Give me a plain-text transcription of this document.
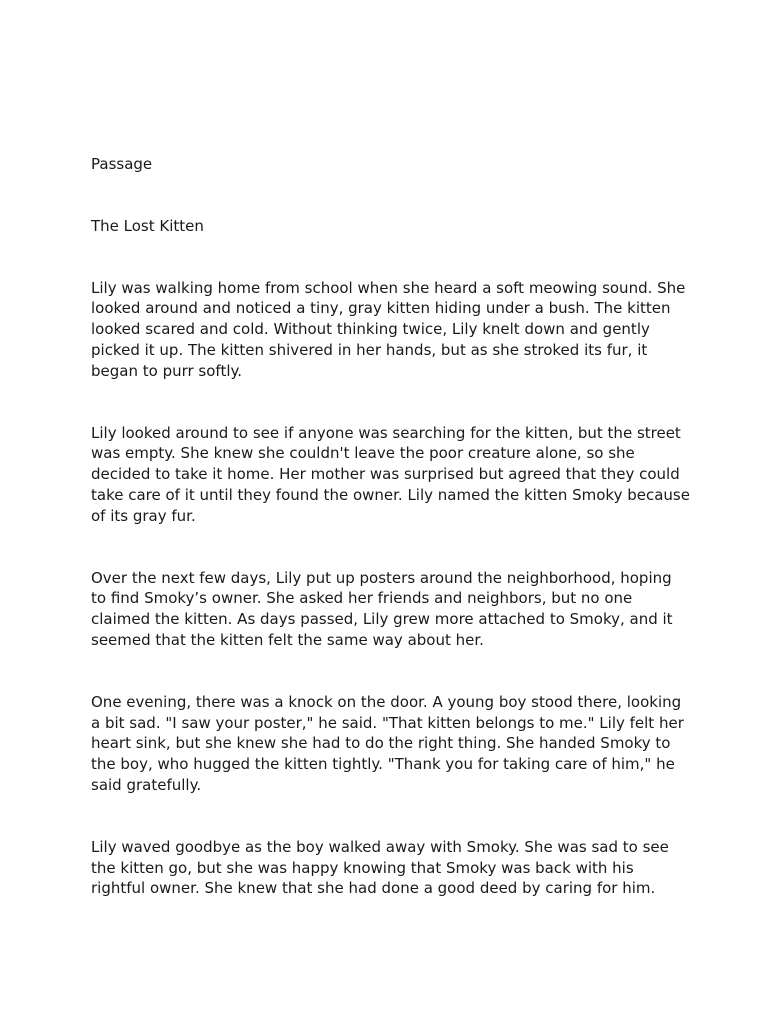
Passage

The Lost Kitten

Lily was walking home from school when she heard a soft meowing sound. She looked around and noticed a tiny, gray kitten hiding under a bush. The kitten looked scared and cold. Without thinking twice, Lily knelt down and gently picked it up. The kitten shivered in her hands, but as she stroked its fur, it began to purr softly.

Lily looked around to see if anyone was searching for the kitten, but the street was empty. She knew she couldn't leave the poor creature alone, so she decided to take it home. Her mother was surprised but agreed that they could take care of it until they found the owner. Lily named the kitten Smoky because of its gray fur.

Over the next few days, Lily put up posters around the neighborhood, hoping to find Smoky’s owner. She asked her friends and neighbors, but no one claimed the kitten. As days passed, Lily grew more attached to Smoky, and it seemed that the kitten felt the same way about her.

One evening, there was a knock on the door. A young boy stood there, looking a bit sad. "I saw your poster," he said. "That kitten belongs to me." Lily felt her heart sink, but she knew she had to do the right thing. She handed Smoky to the boy, who hugged the kitten tightly. "Thank you for taking care of him," he said gratefully.

Lily waved goodbye as the boy walked away with Smoky. She was sad to see the kitten go, but she was happy knowing that Smoky was back with his rightful owner. She knew that she had done a good deed by caring for him.
